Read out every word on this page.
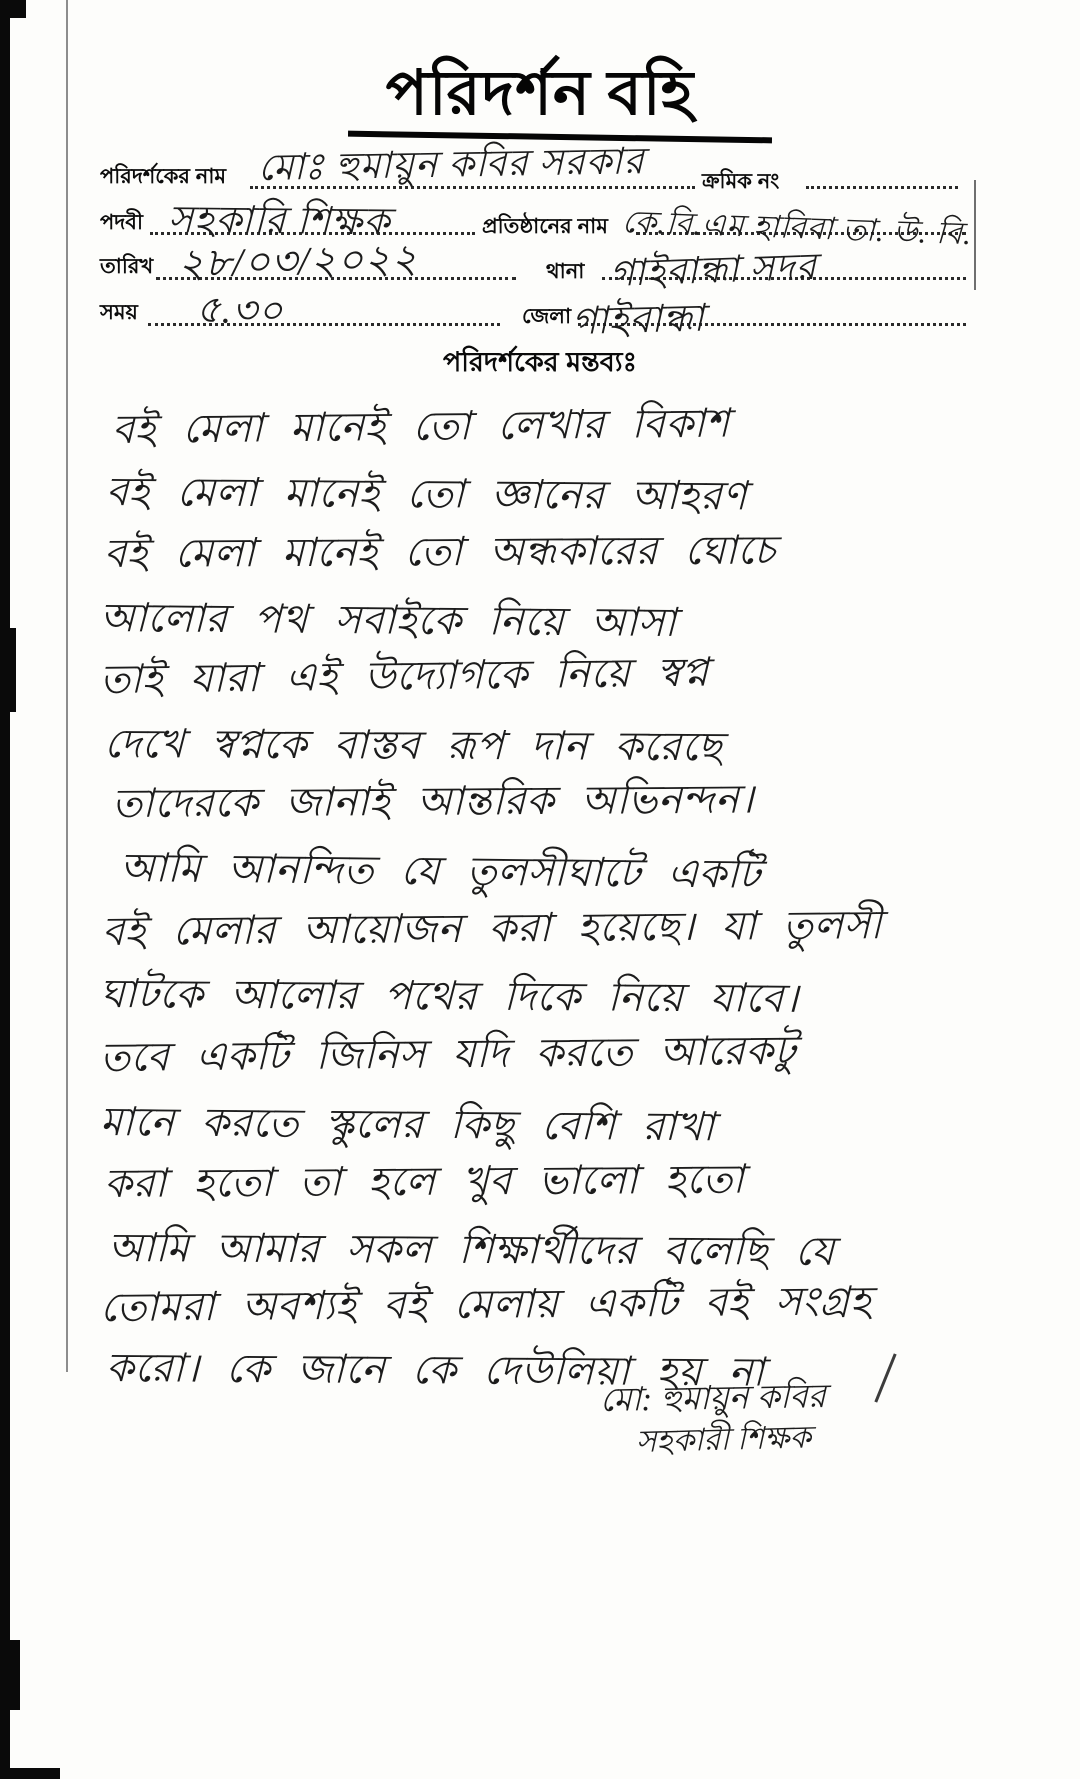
পরিদর্শন বহি
পরিদর্শকের নাম মোঃ হুমায়ুন কবির সরকার	ক্রমিক নং
পদবী সহকারি শিক্ষক	প্রতিষ্ঠানের নাম কে.বি.এম হাবিবা তা. উ. বি.
তারিখ ২৮/০৩/২০২২	থানা গাইবান্ধা সদর
সময় ৫.৩০	জেলা গাইবান্ধা
পরিদর্শকের মন্তব্যঃ
বই মেলা মানেই তো লেখার বিকাশ
বই মেলা মানেই তো জ্ঞানের আহরণ
বই মেলা মানেই তো অন্ধকারের ঘোচে
আলোর পথ সবাইকে নিয়ে আসা
তাই যারা এই উদ্যোগকে নিয়ে স্বপ্ন
দেখে স্বপ্নকে বাস্তব রূপ দান করেছে
তাদেরকে জানাই আন্তরিক অভিনন্দন।
আমি আনন্দিত যে তুলসীঘাটে একটি
বই মেলার আয়োজন করা হয়েছে। যা তুলসী
ঘাটকে আলোর পথের দিকে নিয়ে যাবে।
তবে একটি জিনিস যদি করতে আরেকটু
মানে করতে স্কুলের কিছু বেশি রাখা
করা হতো তা হলে খুব ভালো হতো
আমি আমার সকল শিক্ষার্থীদের বলেছি যে
তোমরা অবশ্যই বই মেলায় একটি বই সংগ্রহ
করো। কে জানে কে দেউলিয়া হয় না
মো: হুমায়ুন কবির
সহকারী শিক্ষক
